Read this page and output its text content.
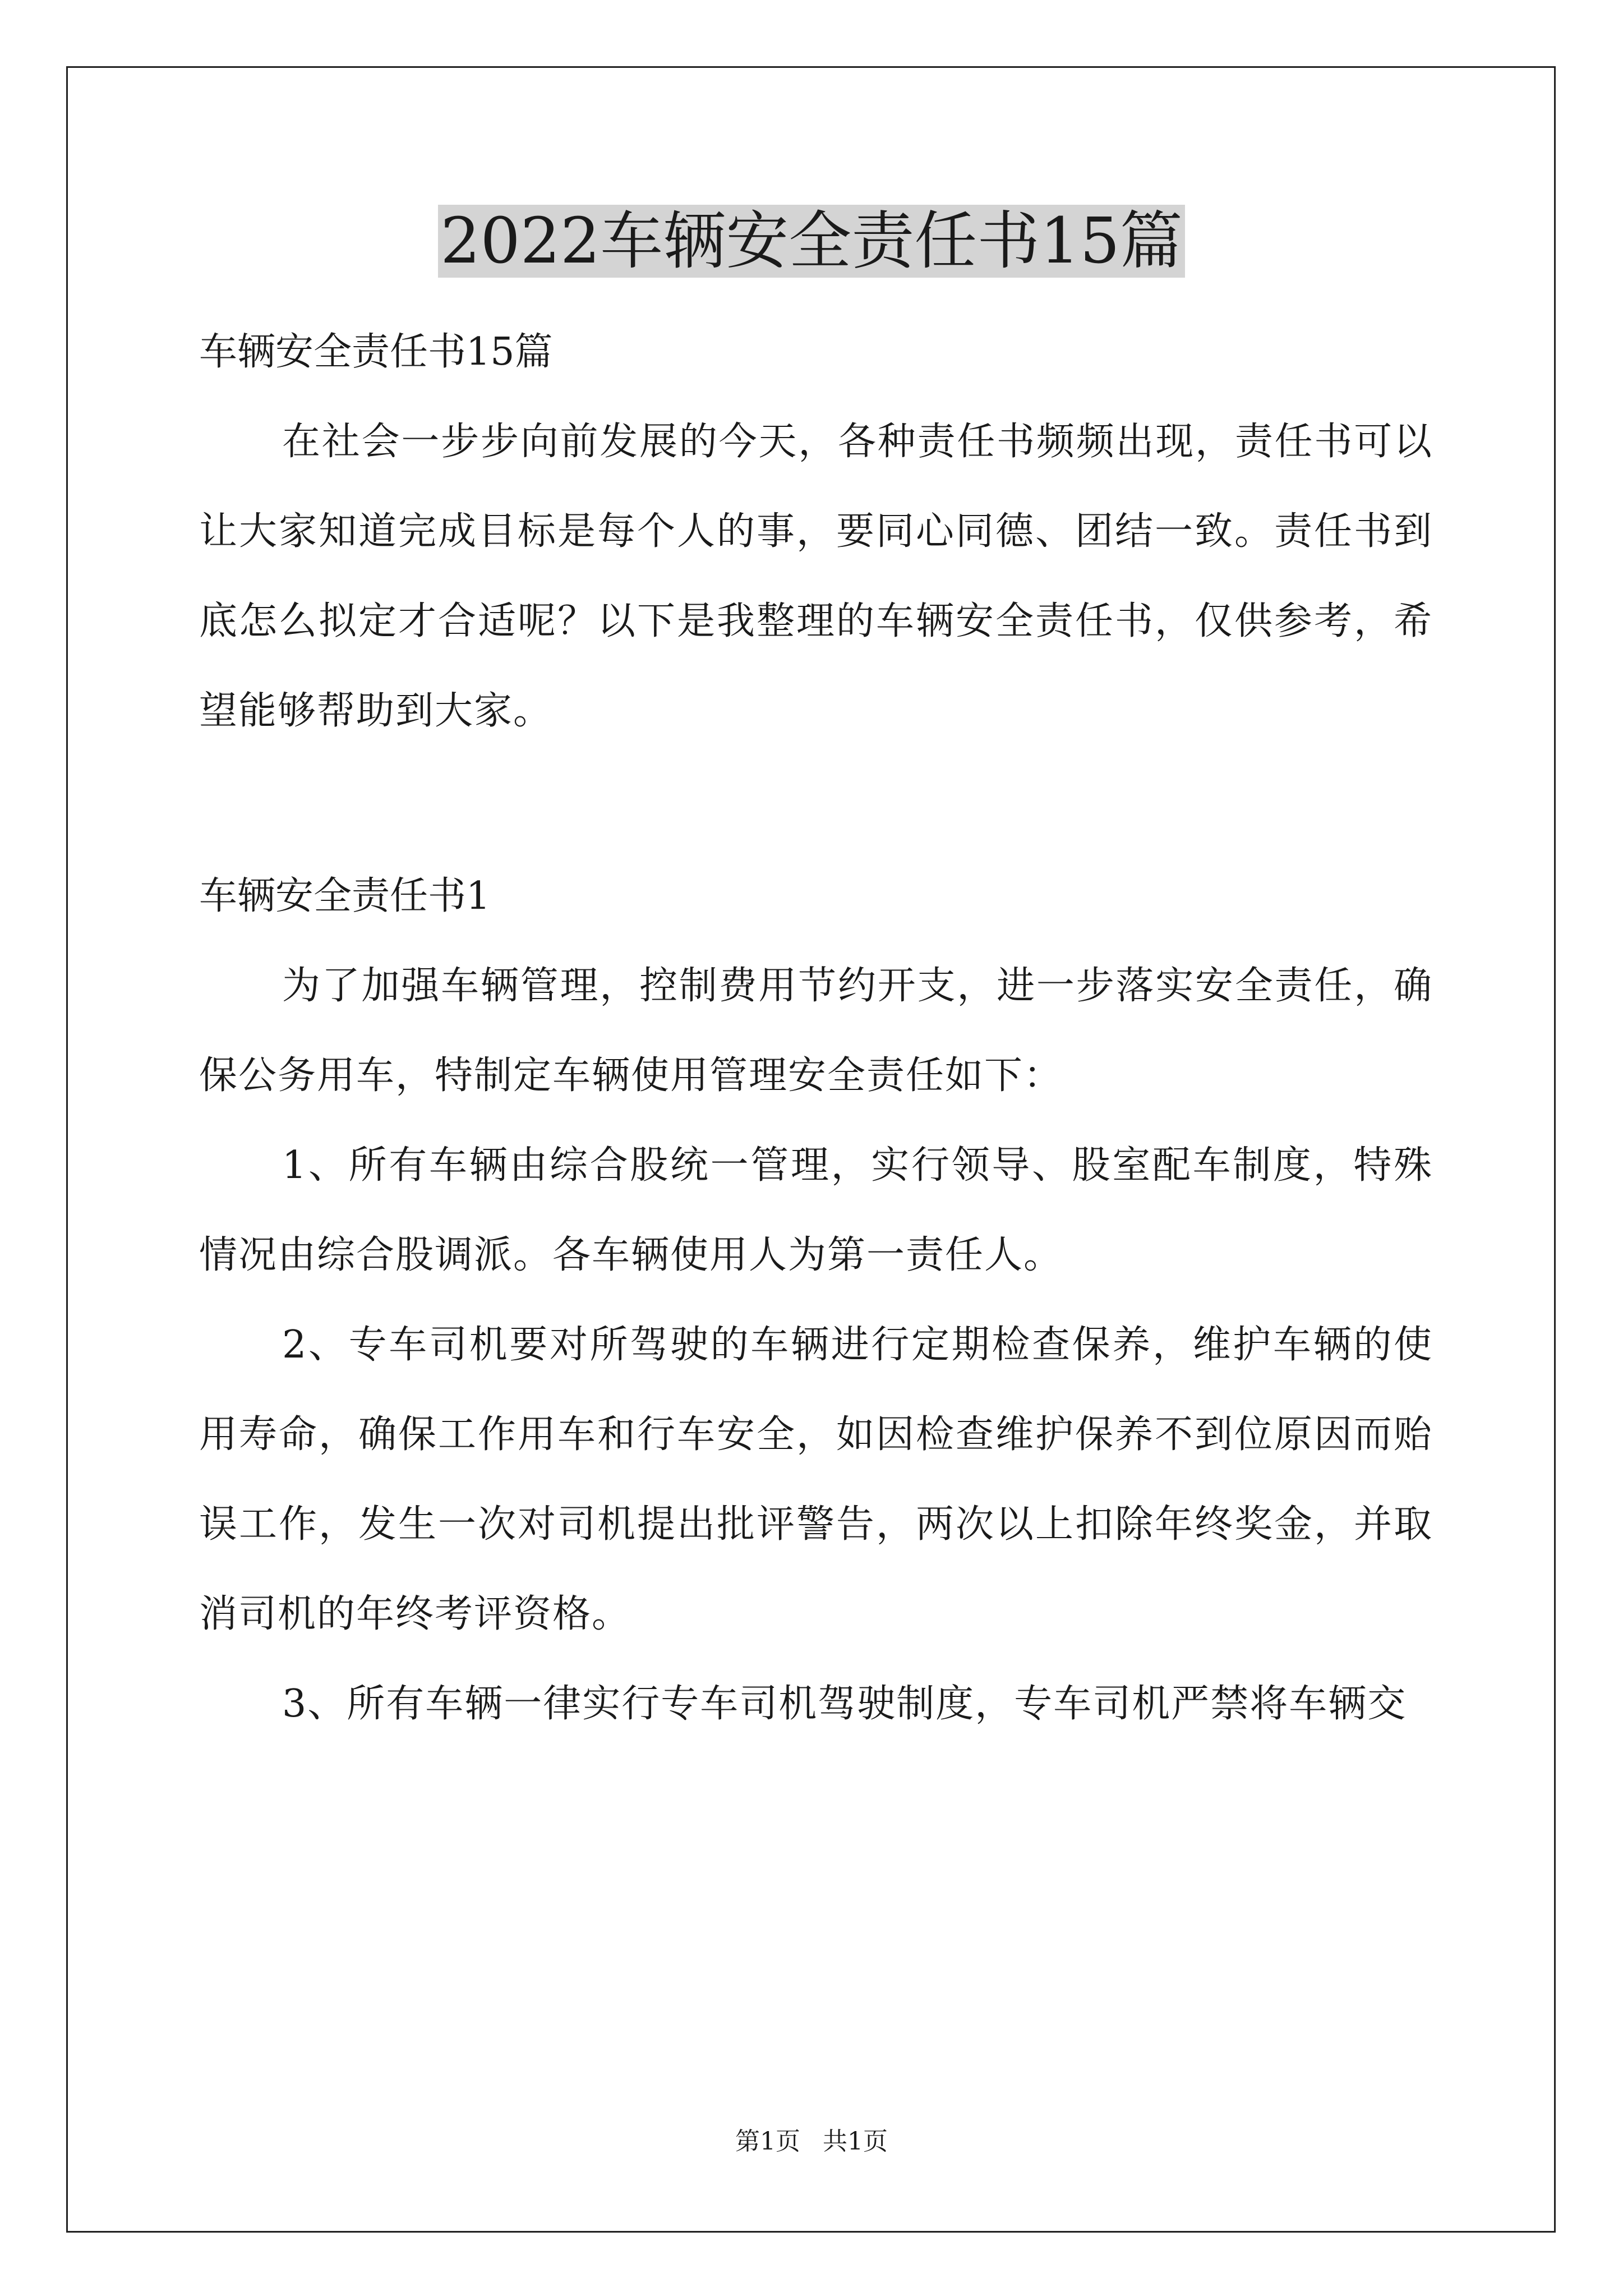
2022车辆安全责任书15篇

车辆安全责任书15篇

在社会一步步向前发展的今天，各种责任书频频出现，责任书可以让大家知道完成目标是每个人的事，要同心同德、团结一致。责任书到底怎么拟定才合适呢？以下是我整理的车辆安全责任书，仅供参考，希望能够帮助到大家。

车辆安全责任书1

为了加强车辆管理，控制费用节约开支，进一步落实安全责任，确保公务用车，特制定车辆使用管理安全责任如下：

1、所有车辆由综合股统一管理，实行领导、股室配车制度，特殊情况由综合股调派。各车辆使用人为第一责任人。

2、专车司机要对所驾驶的车辆进行定期检查保养，维护车辆的使用寿命，确保工作用车和行车安全，如因检查维护保养不到位原因而贻误工作，发生一次对司机提出批评警告，两次以上扣除年终奖金，并取消司机的年终考评资格。

3、所有车辆一律实行专车司机驾驶制度，专车司机严禁将车辆交

第1页 共1页
